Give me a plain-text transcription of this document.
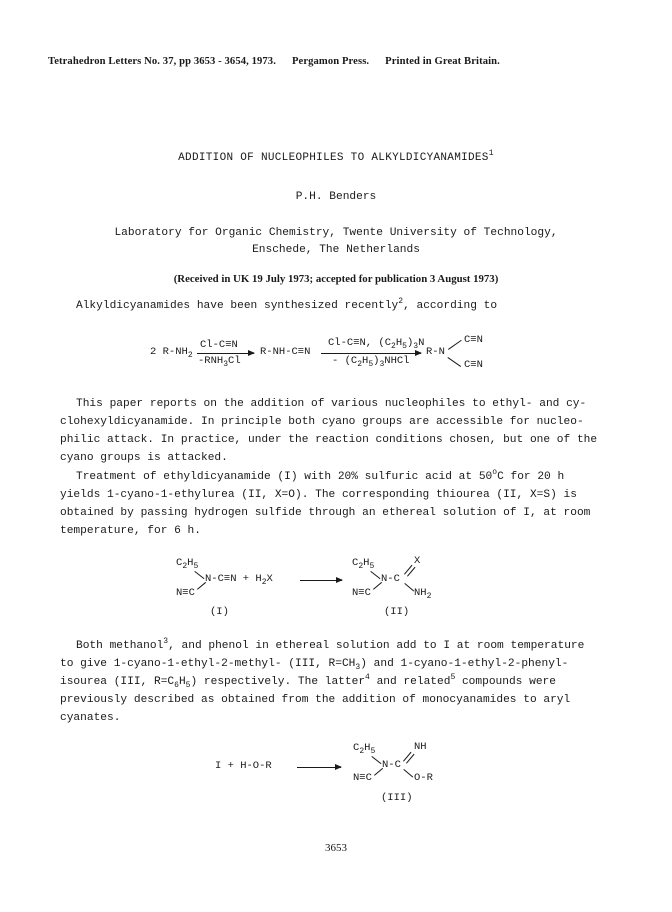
Tetrahedron Letters No. 37, pp 3653 - 3654, 1973. Pergamon Press. Printed in Great Britain.
ADDITION OF NUCLEOPHILES TO ALKYLDICYANAMIDES$^1$
P.H. Benders
Laboratory for Organic Chemistry, Twente University of Technology,
Enschede, The Netherlands
(Received in UK 19 July 1973; accepted for publication 3 August 1973)
Alkyldicyanamides have been synthesized recently$^2$, according to
2 $R-NH_2$
Cl-C≡N
$-RNH_3Cl$
R-NH-C≡N
Cl-C≡N, $(C_2H_5)_3N$
- $(C_2H_5)_3NHCl$
R-N
C≡N
C≡N
This paper reports on the addition of various nucleophiles to ethyl- and cy-
clohexyldicyanamide. In principle both cyano groups are accessible for nucleo-
philic attack. In practice, under the reaction conditions chosen, but one of the
cyano groups is attacked.
Treatment of ethyldicyanamide (I) with 20% sulfuric acid at 50$^o$C for 20 h
yields 1-cyano-1-ethylurea (II, X=O). The corresponding thiourea (II, X=S) is
obtained by passing hydrogen sulfide through an ethereal solution of I, at room
temperature, for 6 h.
$C_2H_5$
$N-C\equiv N + H_2X$
N≡C
$C_2H_5$	X
N-C
N≡C	$NH_2$
(I)	(II)
Both methanol$^3$, and phenol in ethereal solution add to I at room temperature
to give 1-cyano-1-ethyl-2-methyl- (III, $R=CH_3$) and 1-cyano-1-ethyl-2-phenyl-
isourea (III, $R=C_6H_5$) respectively. The latter$^4$ and related$^5$ compounds were
previously described as obtained from the addition of monocyanamides to aryl
cyanates.
I + H-O-R
$C_2H_5$	NH
N-C
N≡C	O-R
(III)
3653
